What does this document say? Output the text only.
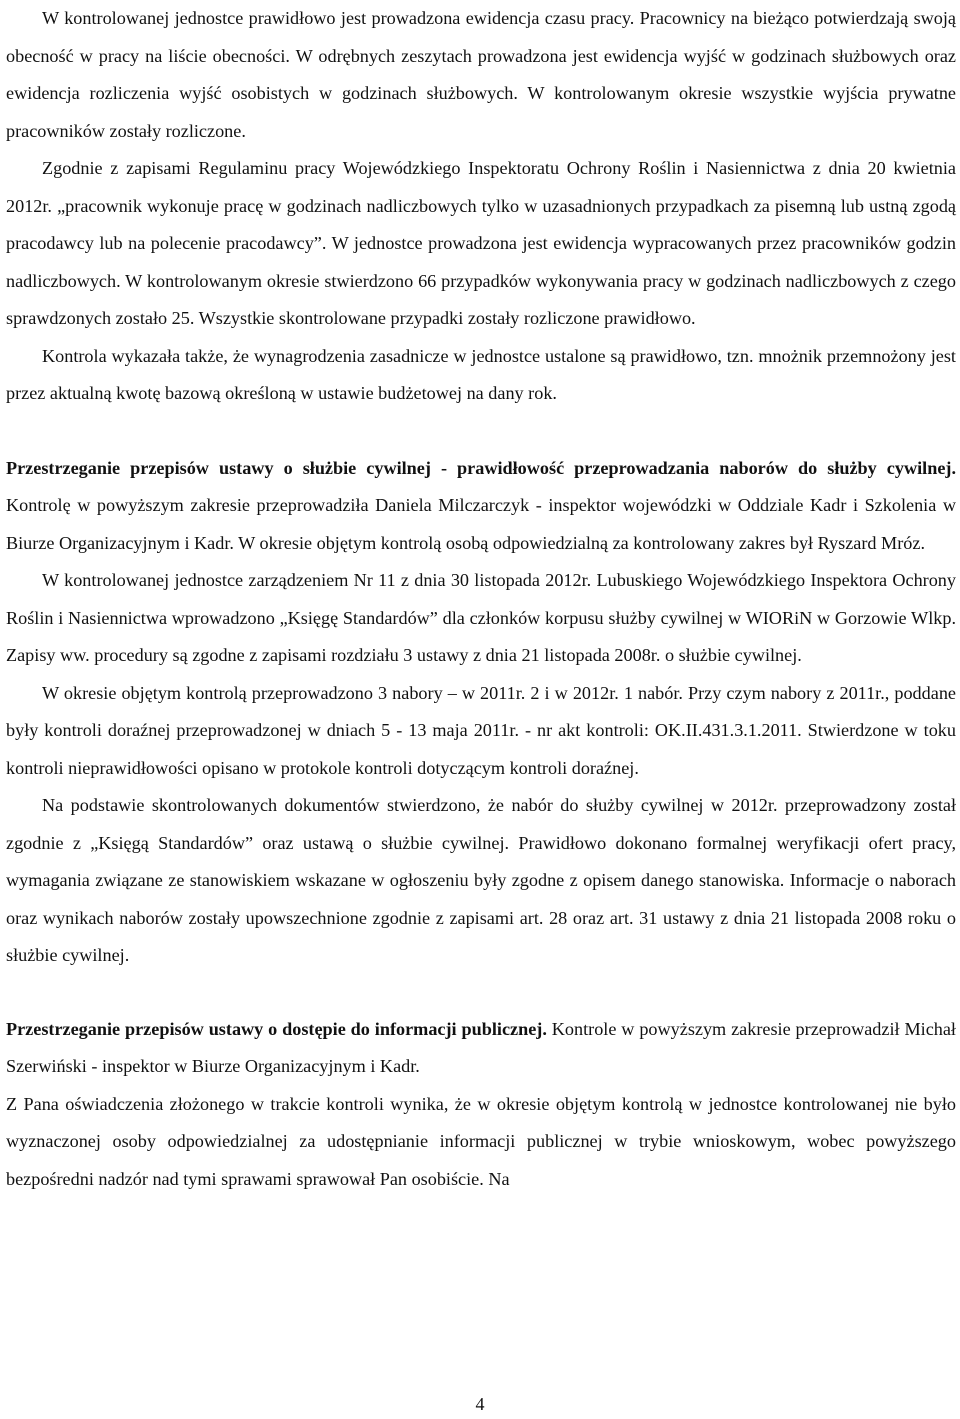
W kontrolowanej jednostce prawidłowo jest prowadzona ewidencja czasu pracy. Pracownicy na bieżąco potwierdzają swoją obecność w pracy na liście obecności. W odrębnych zeszytach prowadzona jest ewidencja wyjść w godzinach służbowych oraz ewidencja rozliczenia wyjść osobistych w godzinach służbowych. W kontrolowanym okresie wszystkie wyjścia prywatne pracowników zostały rozliczone.

Zgodnie z zapisami Regulaminu pracy Wojewódzkiego Inspektoratu Ochrony Roślin i Nasiennictwa z dnia 20 kwietnia 2012r. „pracownik wykonuje pracę w godzinach nadliczbowych tylko w uzasadnionych przypadkach za pisemną lub ustną zgodą pracodawcy lub na polecenie pracodawcy”. W jednostce prowadzona jest ewidencja wypracowanych przez pracowników godzin nadliczbowych. W kontrolowanym okresie stwierdzono 66 przypadków wykonywania pracy w godzinach nadliczbowych z czego sprawdzonych zostało 25. Wszystkie skontrolowane przypadki zostały rozliczone prawidłowo.

Kontrola wykazała także, że wynagrodzenia zasadnicze w jednostce ustalone są prawidłowo, tzn. mnożnik przemnożony jest przez aktualną kwotę bazową określoną w ustawie budżetowej na dany rok.

Przestrzeganie przepisów ustawy o służbie cywilnej - prawidłowość przeprowadzania naborów do służby cywilnej. Kontrolę w powyższym zakresie przeprowadziła Daniela Milczarczyk - inspektor wojewódzki w Oddziale Kadr i Szkolenia w Biurze Organizacyjnym i Kadr. W okresie objętym kontrolą osobą odpowiedzialną za kontrolowany zakres był Ryszard Mróz.

W kontrolowanej jednostce zarządzeniem Nr 11 z dnia 30 listopada 2012r. Lubuskiego Wojewódzkiego Inspektora Ochrony Roślin i Nasiennictwa wprowadzono „Księgę Standardów” dla członków korpusu służby cywilnej w WIORiN w Gorzowie Wlkp. Zapisy ww. procedury są zgodne z zapisami rozdziału 3 ustawy z dnia 21 listopada 2008r. o służbie cywilnej.

W okresie objętym kontrolą przeprowadzono 3 nabory – w 2011r. 2 i w 2012r. 1 nabór. Przy czym nabory z 2011r., poddane były kontroli doraźnej przeprowadzonej w dniach 5 - 13 maja 2011r. - nr akt kontroli: OK.II.431.3.1.2011. Stwierdzone w toku kontroli nieprawidłowości opisano w protokole kontroli dotyczącym kontroli doraźnej.

Na podstawie skontrolowanych dokumentów stwierdzono, że nabór do służby cywilnej w 2012r. przeprowadzony został zgodnie z „Księgą Standardów” oraz ustawą o służbie cywilnej. Prawidłowo dokonano formalnej weryfikacji ofert pracy, wymagania związane ze stanowiskiem wskazane w ogłoszeniu były zgodne z opisem danego stanowiska. Informacje o naborach oraz wynikach naborów zostały upowszechnione zgodnie z zapisami art. 28 oraz art. 31 ustawy z dnia 21 listopada 2008 roku o służbie cywilnej.

Przestrzeganie przepisów ustawy o dostępie do informacji publicznej. Kontrole w powyższym zakresie przeprowadził Michał Szerwiński - inspektor w Biurze Organizacyjnym i Kadr.

Z Pana oświadczenia złożonego w trakcie kontroli wynika, że w okresie objętym kontrolą w jednostce kontrolowanej nie było wyznaczonej osoby odpowiedzialnej za udostępnianie informacji publicznej w trybie wnioskowym, wobec powyższego bezpośredni nadzór nad tymi sprawami sprawował Pan osobiście. Na

4
